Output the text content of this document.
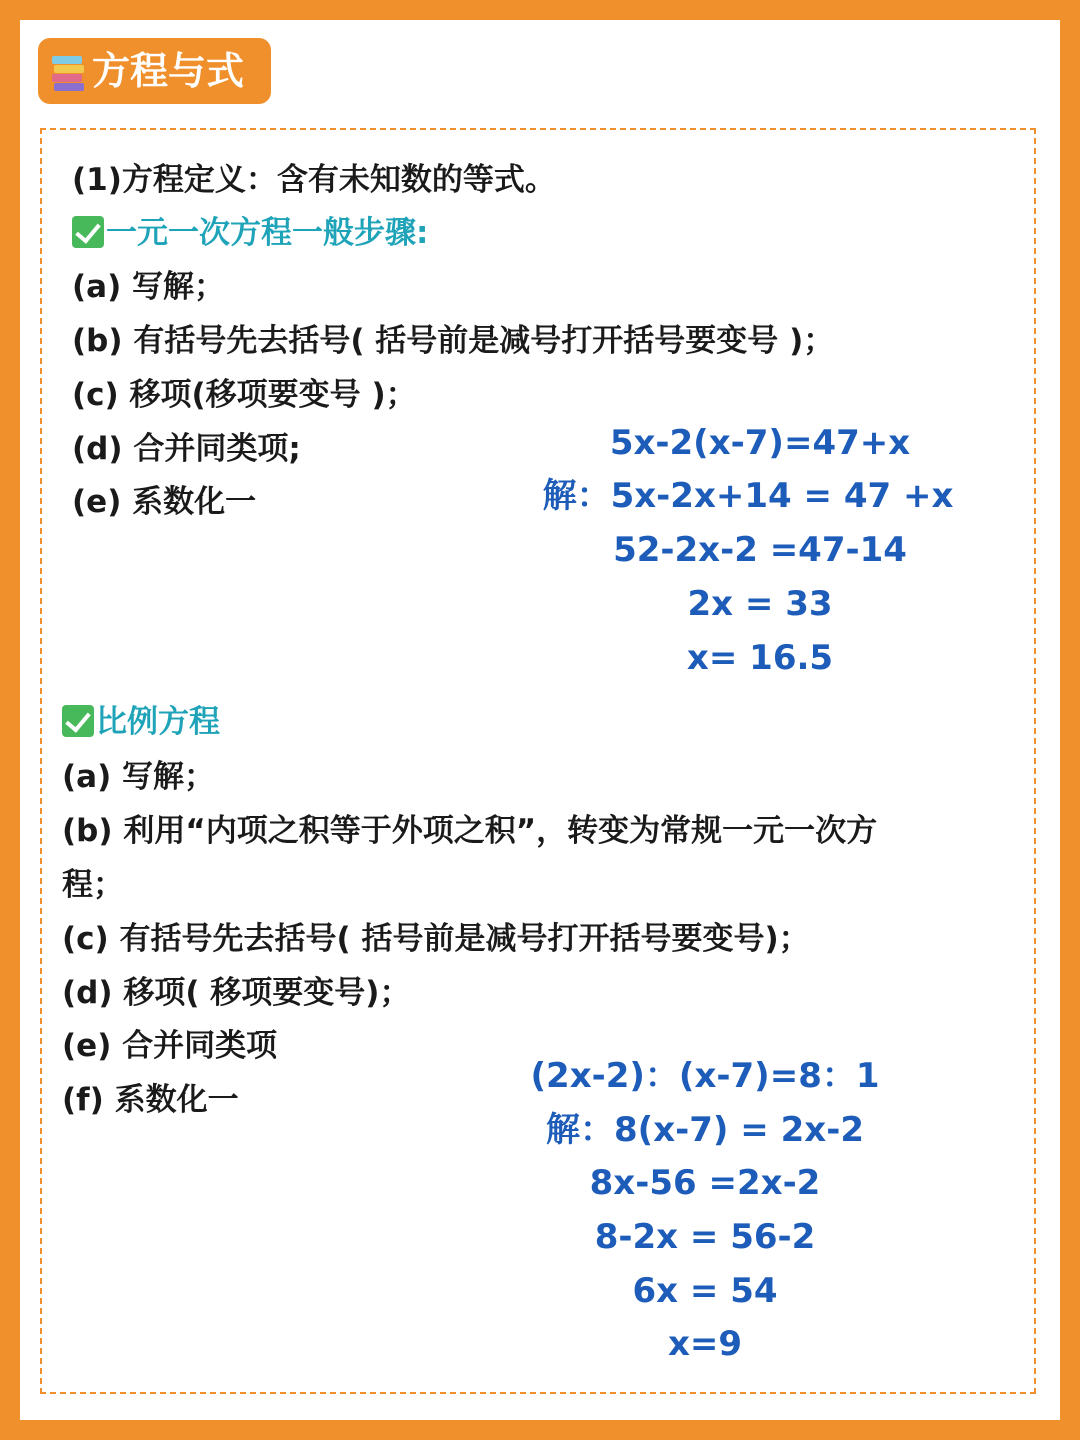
方程与式
(1)方程定义：含有未知数的等式。
一元一次方程一般步骤:
(a) 写解；
(b) 有括号先去括号( 括号前是减号打开括号要变号 )；
(c) 移项(移项要变号 )；
(d) 合并同类项;
(e) 系数化一
5x-2(x-7)=47+x
解：5x-2x+14 = 47 +x
52-2x-2 =47-14
2x = 33
x= 16.5
比例方程
(a) 写解；
(b) 利用“内项之积等于外项之积”，转变为常规一元一次方
程；
(c) 有括号先去括号( 括号前是减号打开括号要变号)；
(d) 移项( 移项要变号)；
(e) 合并同类项
(f) 系数化一
(2x-2)：(x-7)=8：1
解：8(x-7) = 2x-2
8x-56 =2x-2
8-2x = 56-2
6x = 54
x=9
